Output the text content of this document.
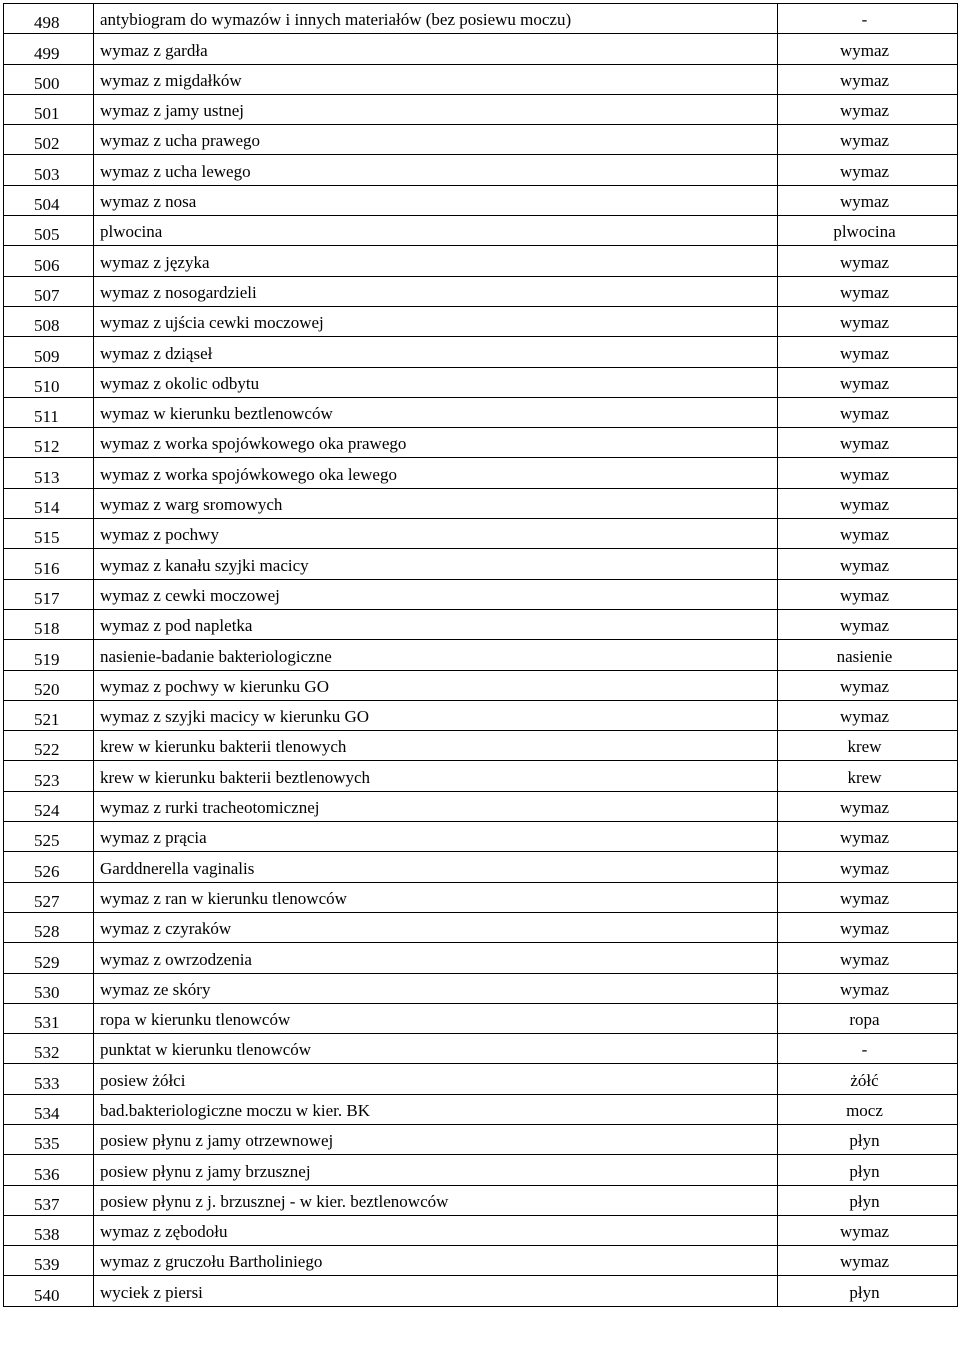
498	antybiogram do wymazów i innych materiałów (bez posiewu moczu)	-
499	wymaz z gardła	wymaz
500	wymaz z migdałków	wymaz
501	wymaz z jamy ustnej	wymaz
502	wymaz z ucha prawego	wymaz
503	wymaz z ucha lewego	wymaz
504	wymaz z nosa	wymaz
505	plwocina	plwocina
506	wymaz z języka	wymaz
507	wymaz z nosogardzieli	wymaz
508	wymaz z ujścia cewki moczowej	wymaz
509	wymaz z dziąseł	wymaz
510	wymaz z okolic odbytu	wymaz
511	wymaz w kierunku beztlenowców	wymaz
512	wymaz z worka spojówkowego oka prawego	wymaz
513	wymaz z worka spojówkowego oka lewego	wymaz
514	wymaz z warg sromowych	wymaz
515	wymaz z pochwy	wymaz
516	wymaz z kanału szyjki macicy	wymaz
517	wymaz z cewki moczowej	wymaz
518	wymaz z pod napletka	wymaz
519	nasienie-badanie bakteriologiczne	nasienie
520	wymaz z pochwy w kierunku GO	wymaz
521	wymaz z szyjki macicy w kierunku GO	wymaz
522	krew w kierunku bakterii tlenowych	krew
523	krew w kierunku bakterii beztlenowych	krew
524	wymaz z rurki tracheotomicznej	wymaz
525	wymaz z prącia	wymaz
526	Garddnerella vaginalis	wymaz
527	wymaz z ran w kierunku tlenowców	wymaz
528	wymaz z czyraków	wymaz
529	wymaz z owrzodzenia	wymaz
530	wymaz ze skóry	wymaz
531	ropa w kierunku tlenowców	ropa
532	punktat w kierunku tlenowców	-
533	posiew żółci	żółć
534	bad.bakteriologiczne moczu w kier. BK	mocz
535	posiew płynu z jamy otrzewnowej	płyn
536	posiew płynu z jamy brzusznej	płyn
537	posiew płynu z j. brzusznej - w kier. beztlenowców	płyn
538	wymaz z zębodołu	wymaz
539	wymaz z gruczołu Bartholiniego	wymaz
540	wyciek z piersi	płyn
